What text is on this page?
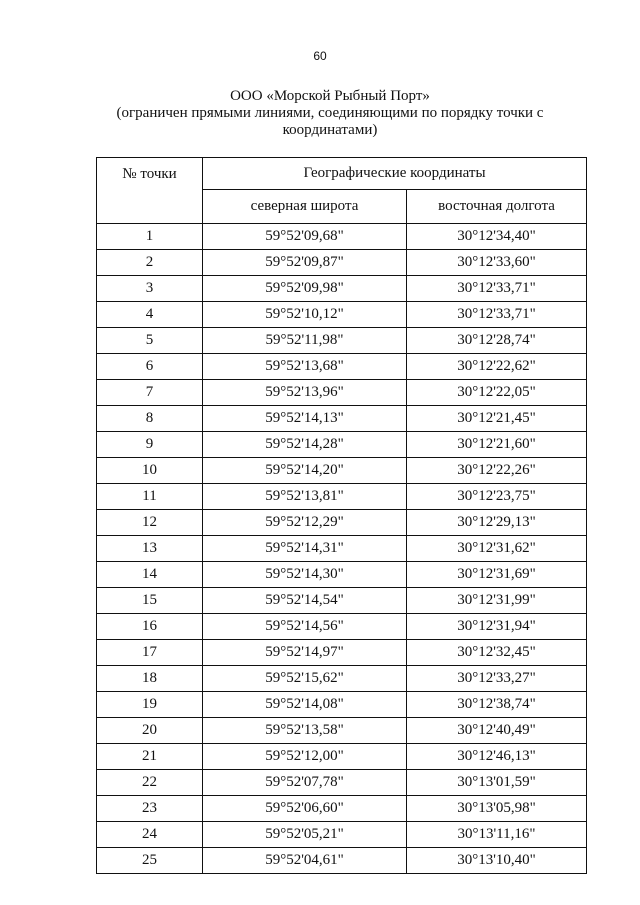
60
ООО «Морской Рыбный Порт»
(ограничен прямыми линиями, соединяющими по порядку точки с
координатами)
№ точки	Географические координаты	
	северная широта	восточная долгота
1	59°52'09,68"	30°12'34,40"
2	59°52'09,87"	30°12'33,60"
3	59°52'09,98"	30°12'33,71"
4	59°52'10,12"	30°12'33,71"
5	59°52'11,98"	30°12'28,74"
6	59°52'13,68"	30°12'22,62"
7	59°52'13,96"	30°12'22,05"
8	59°52'14,13"	30°12'21,45"
9	59°52'14,28"	30°12'21,60"
10	59°52'14,20"	30°12'22,26"
11	59°52'13,81"	30°12'23,75"
12	59°52'12,29"	30°12'29,13"
13	59°52'14,31"	30°12'31,62"
14	59°52'14,30"	30°12'31,69"
15	59°52'14,54"	30°12'31,99"
16	59°52'14,56"	30°12'31,94"
17	59°52'14,97"	30°12'32,45"
18	59°52'15,62"	30°12'33,27"
19	59°52'14,08"	30°12'38,74"
20	59°52'13,58"	30°12'40,49"
21	59°52'12,00"	30°12'46,13"
22	59°52'07,78"	30°13'01,59"
23	59°52'06,60"	30°13'05,98"
24	59°52'05,21"	30°13'11,16"
25	59°52'04,61"	30°13'10,40"
